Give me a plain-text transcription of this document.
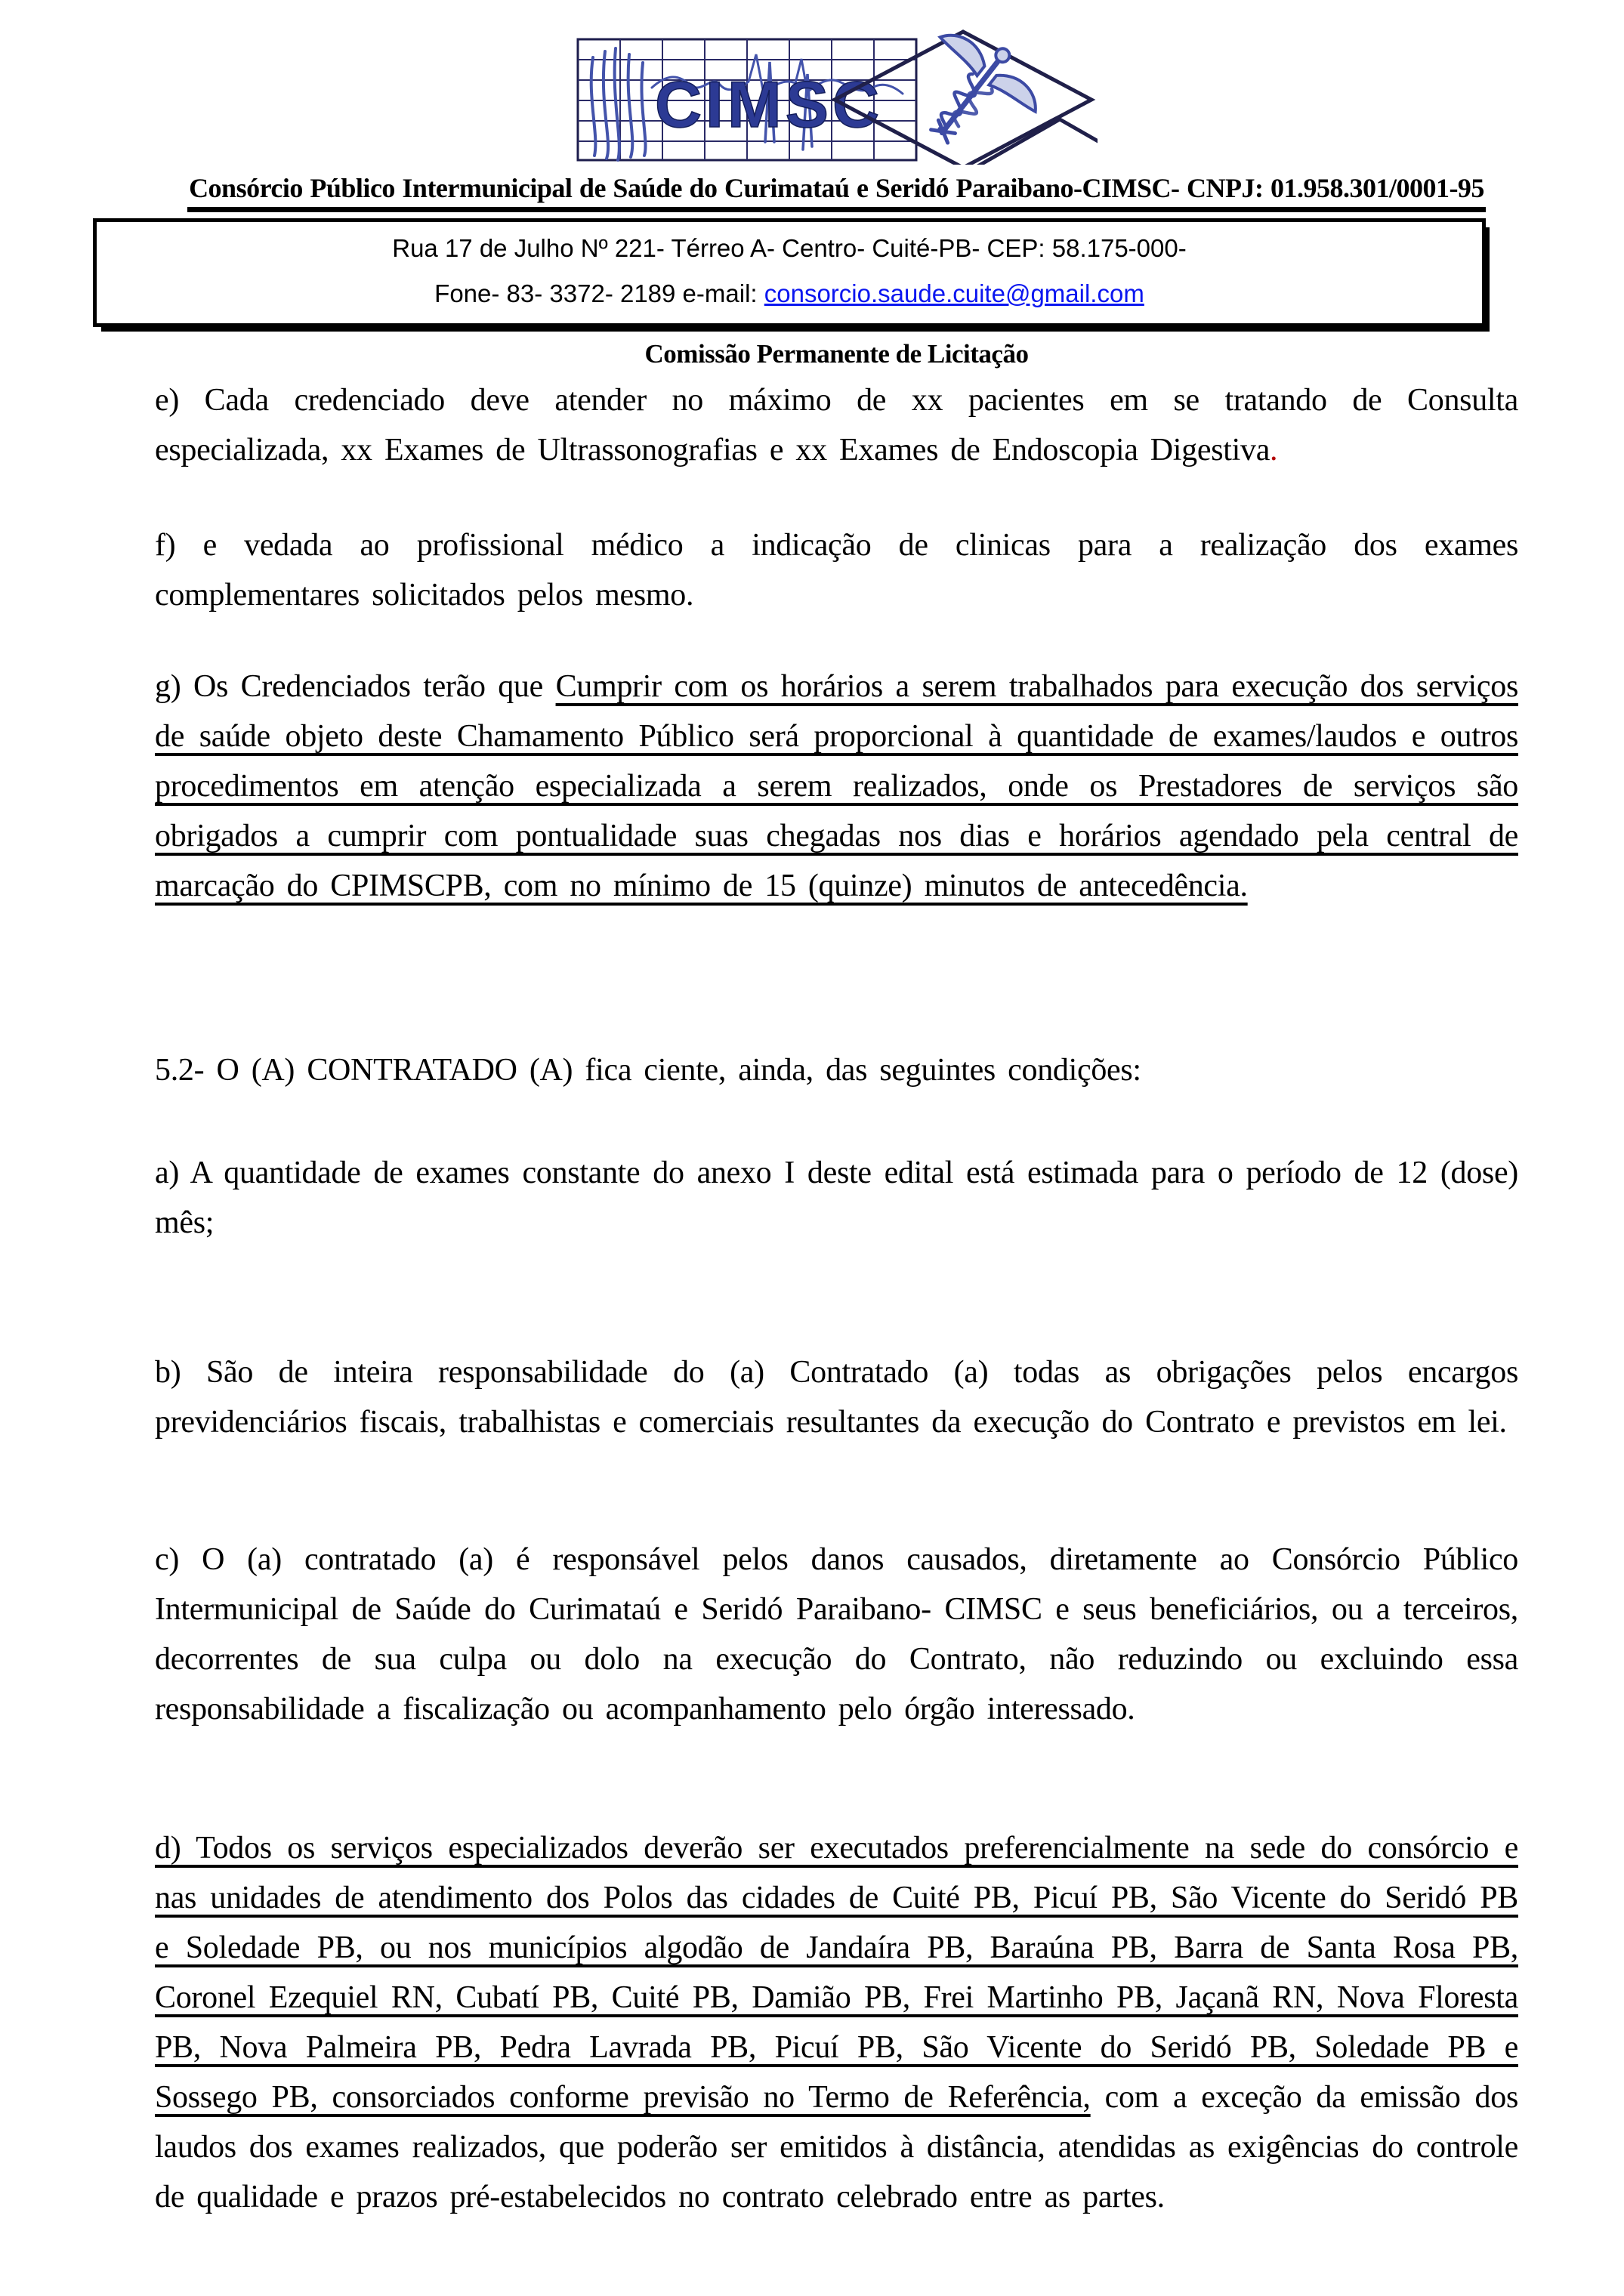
CIMSC
Consórcio Público Intermunicipal de Saúde do Curimataú e Seridó Paraibano-CIMSC- CNPJ: 01.958.301/0001-95

Rua 17 de Julho Nº 221- Térreo A- Centro- Cuité-PB- CEP: 58.175-000-

Fone- 83- 3372- 2189 e-mail: consorcio.saude.cuite@gmail.com

Comissão Permanente de Licitação

e) Cada credenciado deve atender no máximo de xx pacientes em se tratando de Consulta especializada, xx Exames de Ultrassonografias e xx Exames de Endoscopia Digestiva.

f) e vedada ao profissional médico a indicação de clinicas para a realização dos exames complementares solicitados pelos mesmo.

g) Os Credenciados terão que Cumprir com os horários a serem trabalhados para execução dos serviços de saúde objeto deste Chamamento Público será proporcional à quantidade de exames/laudos e outros procedimentos em atenção especializada a serem realizados, onde os Prestadores de serviços são obrigados a cumprir com pontualidade suas chegadas nos dias e horários agendado pela central de marcação do CPIMSCPB, com no mínimo de 15 (quinze) minutos de antecedência.

5.2- O (A) CONTRATADO (A) fica ciente, ainda, das seguintes condições:

a) A quantidade de exames constante do anexo I deste edital está estimada para o período de 12 (dose) mês;

b) São de inteira responsabilidade do (a) Contratado (a) todas as obrigações pelos encargos previdenciários fiscais, trabalhistas e comerciais resultantes da execução do Contrato e previstos em lei.

c) O (a) contratado (a) é responsável pelos danos causados, diretamente ao Consórcio Público Intermunicipal de Saúde do Curimataú e Seridó Paraibano- CIMSC e seus beneficiários, ou a terceiros, decorrentes de sua culpa ou dolo na execução do Contrato, não reduzindo ou excluindo essa responsabilidade a fiscalização ou acompanhamento pelo órgão interessado.

d) Todos os serviços especializados deverão ser executados preferencialmente na sede do consórcio e nas unidades de atendimento dos Polos das cidades de Cuité PB, Picuí PB, São Vicente do Seridó PB e Soledade PB, ou nos municípios algodão de Jandaíra PB, Baraúna PB, Barra de Santa Rosa PB, Coronel Ezequiel RN, Cubatí PB, Cuité PB, Damião PB, Frei Martinho PB, Jaçanã RN, Nova Floresta PB, Nova Palmeira PB, Pedra Lavrada PB, Picuí PB, São Vicente do Seridó PB, Soledade PB e Sossego PB, consorciados conforme previsão no Termo de Referência, com a exceção da emissão dos laudos dos exames realizados, que poderão ser emitidos à distância, atendidas as exigências do controle de qualidade e prazos pré-estabelecidos no contrato celebrado entre as partes.
